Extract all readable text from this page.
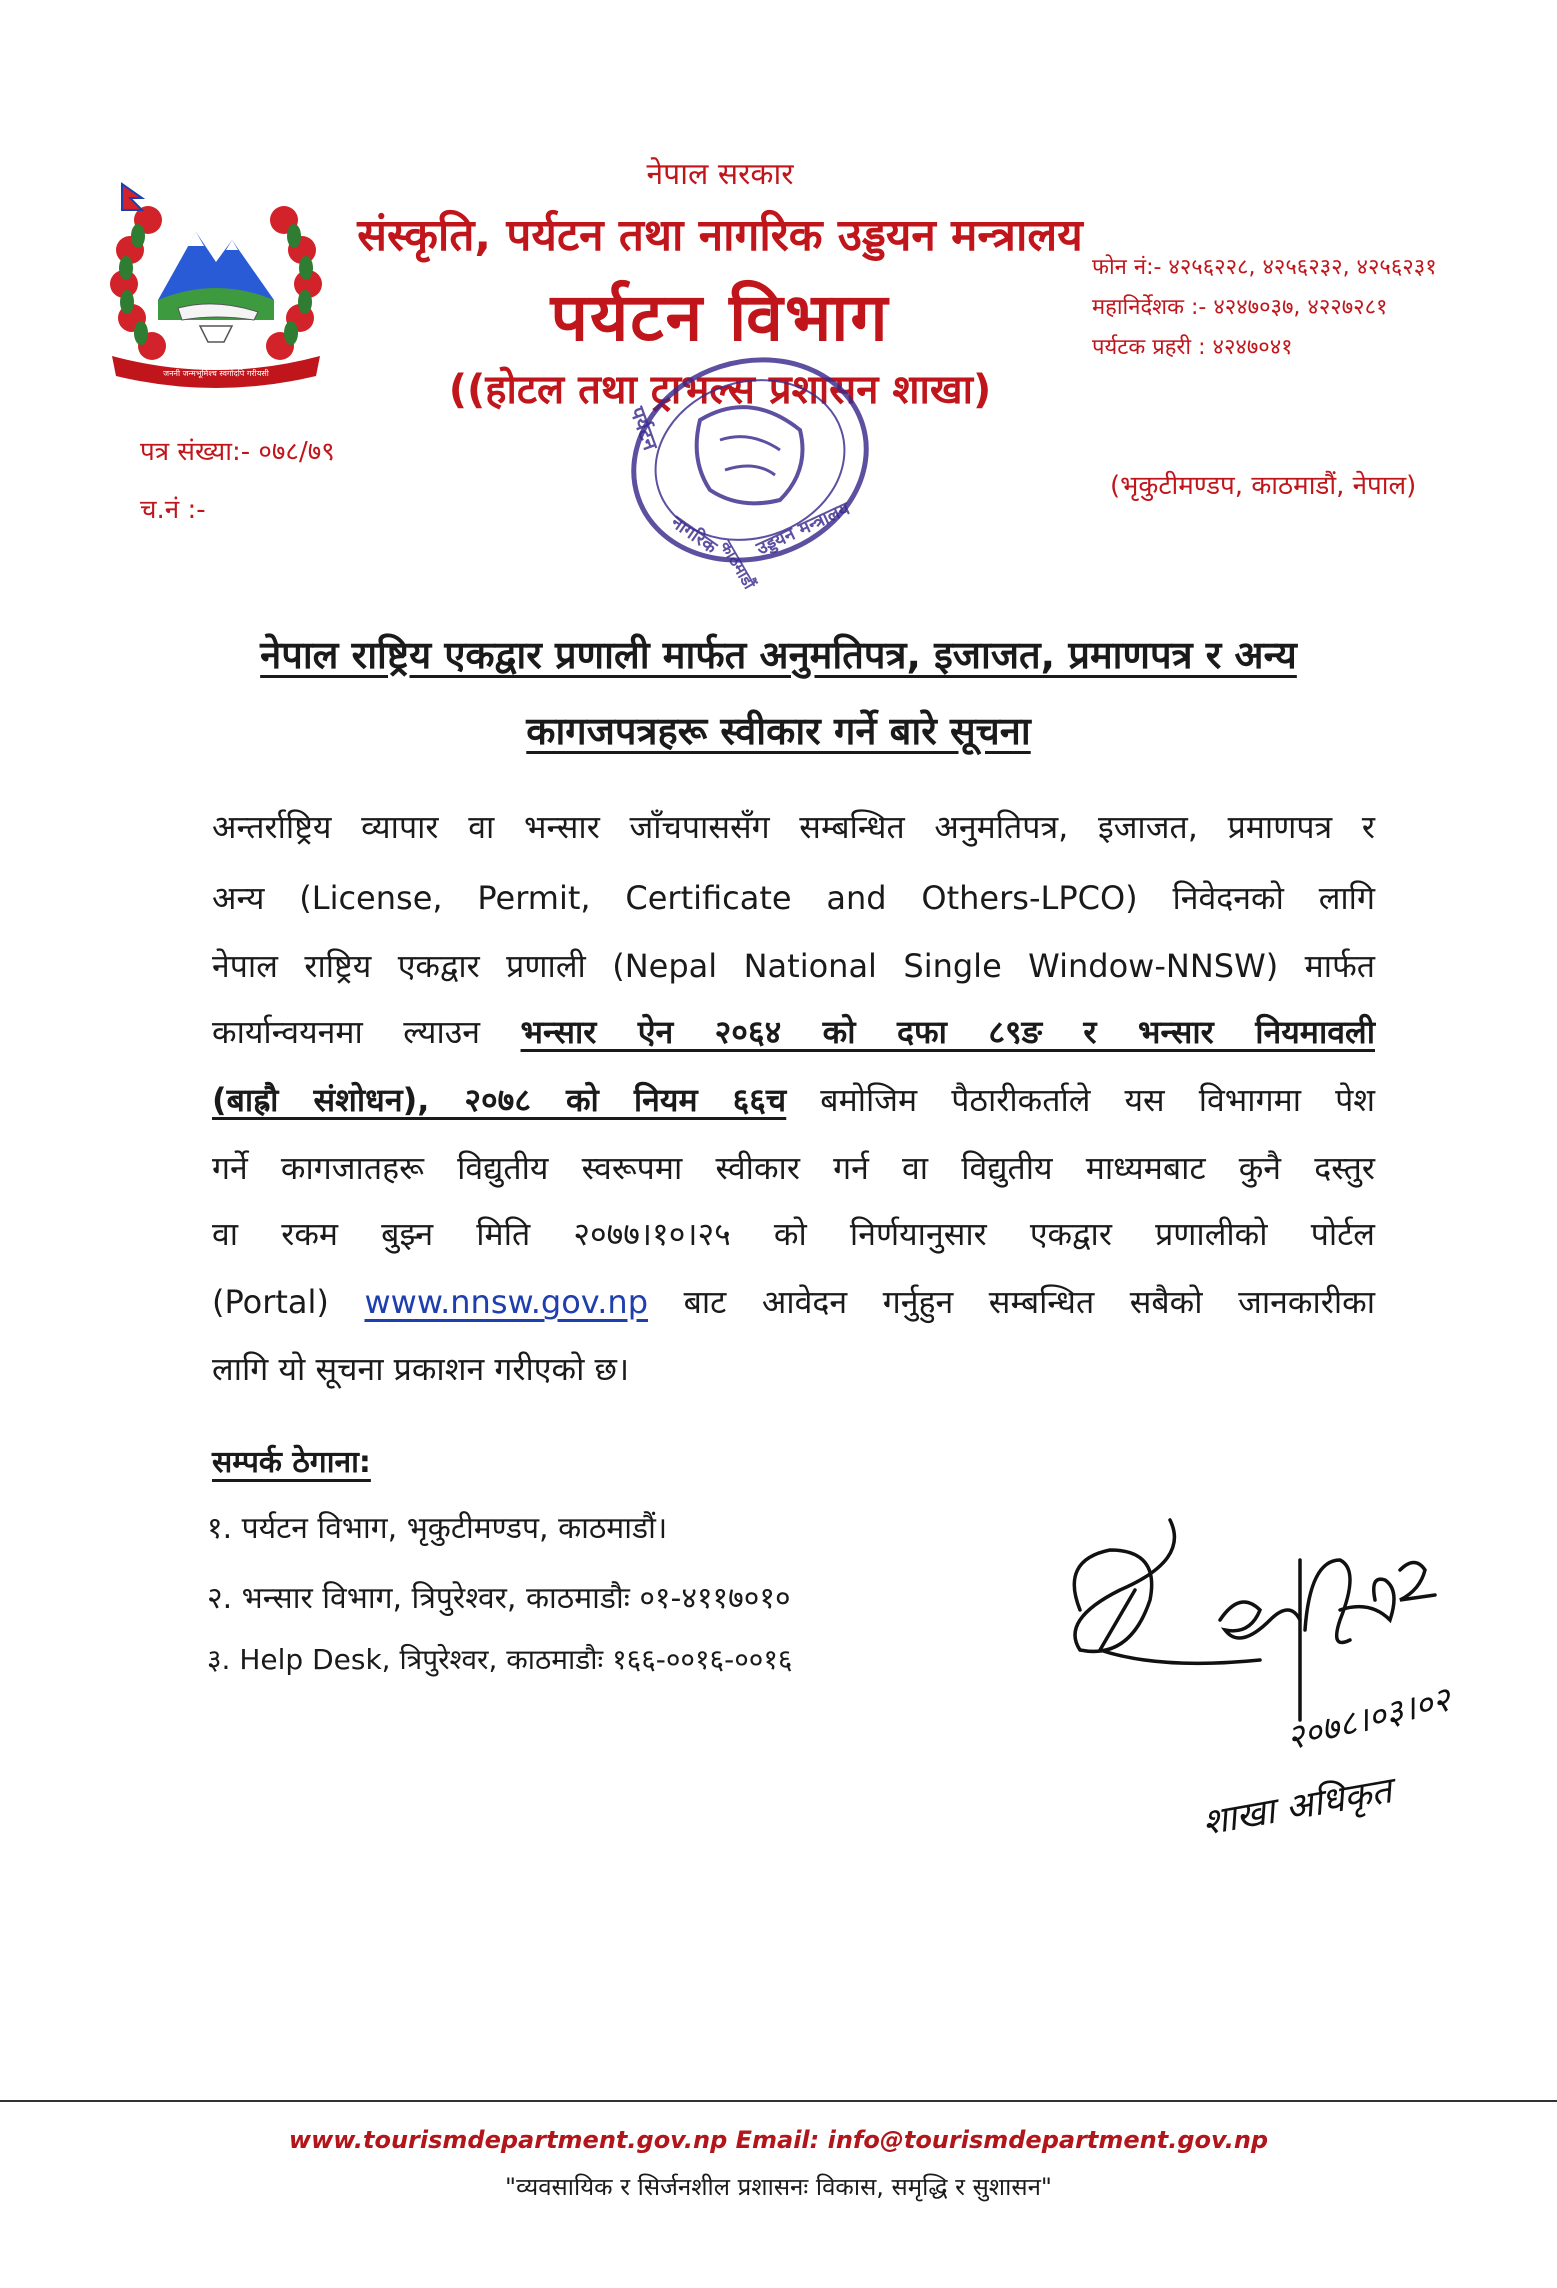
जननी जन्मभूमिश्च स्वर्गादपि गरीयसी
नेपाल सरकार
संस्कृति, पर्यटन तथा नागरिक उड्डयन मन्त्रालय
पर्यटन विभाग
((होटल तथा ट्राभल्स प्रशासन शाखा)
फोन नं:- ४२५६२२८, ४२५६२३२, ४२५६२३१
महानिर्देशक :- ४२४७०३७, ४२२७२८१
पर्यटक प्रहरी : ४२४७०४१
पत्र संख्या:- ०७८/७९
च.नं :-
(भृकुटीमण्डप, काठमाडौं, नेपाल)
पर्यटन
नागरिक उड्डयन मन्त्रालय
काठमाडौं
नेपाल राष्ट्रिय एकद्वार प्रणाली मार्फत अनुमतिपत्र, इजाजत, प्रमाणपत्र र अन्य
कागजपत्रहरू स्वीकार गर्ने बारे सूचना
अन्तर्राष्ट्रिय व्यापार वा भन्सार जाँचपाससँग सम्बन्धित अनुमतिपत्र, इजाजत, प्रमाणपत्र र
अन्य (License, Permit, Certificate and Others-LPCO) निवेदनको लागि
नेपाल राष्ट्रिय एकद्वार प्रणाली (Nepal National Single Window-NNSW) मार्फत
कार्यान्वयनमा ल्याउन भन्सार ऐन २०६४ को दफा ८९ङ र भन्सार नियमावली
(बाह्रौ संशोधन), २०७८ को नियम ६६च बमोजिम पैठारीकर्ताले यस विभागमा पेश
गर्ने कागजातहरू विद्युतीय स्वरूपमा स्वीकार गर्न वा विद्युतीय माध्यमबाट कुनै दस्तुर
वा रकम बुझ्न मिति २०७७।१०।२५ को निर्णयानुसार एकद्वार प्रणालीको पोर्टल
(Portal) www.nnsw.gov.np बाट आवेदन गर्नुहुन सम्बन्धित सबैको जानकारीका
लागि यो सूचना प्रकाशन गरीएको छ।
सम्पर्क ठेगाना:
१. पर्यटन विभाग, भृकुटीमण्डप, काठमाडौं।
२. भन्सार विभाग, त्रिपुरेश्वर, काठमाडौः ०१-४११७०१०
३. Help Desk, त्रिपुरेश्वर, काठमाडौः १६६-००१६-००१६
२०७८।०३।०२
शाखा अधिकृत
www.tourismdepartment.gov.np Email: info@tourismdepartment.gov.np
"व्यवसायिक र सिर्जनशील प्रशासनः विकास, समृद्धि र सुशासन"
